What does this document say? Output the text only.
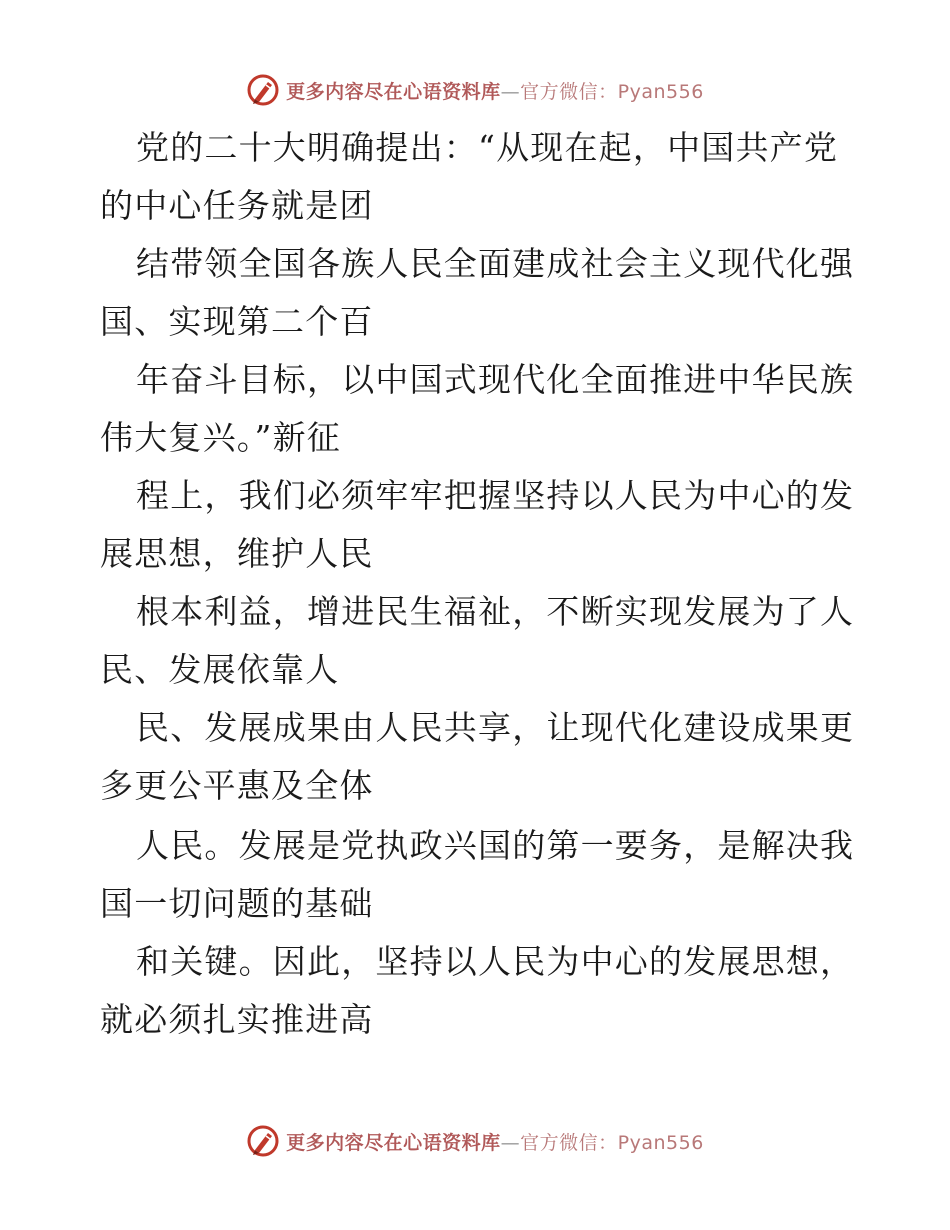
更多内容尽在心语资料库—官方微信：Pyan556
党的二十大明确提出：“从现在起，中国共产党
的中心任务就是团
结带领全国各族人民全面建成社会主义现代化强
国、实现第二个百
年奋斗目标，以中国式现代化全面推进中华民族
伟大复兴。”新征
程上，我们必须牢牢把握坚持以人民为中心的发
展思想，维护人民
根本利益，增进民生福祉，不断实现发展为了人
民、发展依靠人
民、发展成果由人民共享，让现代化建设成果更
多更公平惠及全体
人民。发展是党执政兴国的第一要务，是解决我
国一切问题的基础
和关键。因此，坚持以人民为中心的发展思想，
就必须扎实推进高
更多内容尽在心语资料库—官方微信：Pyan556
